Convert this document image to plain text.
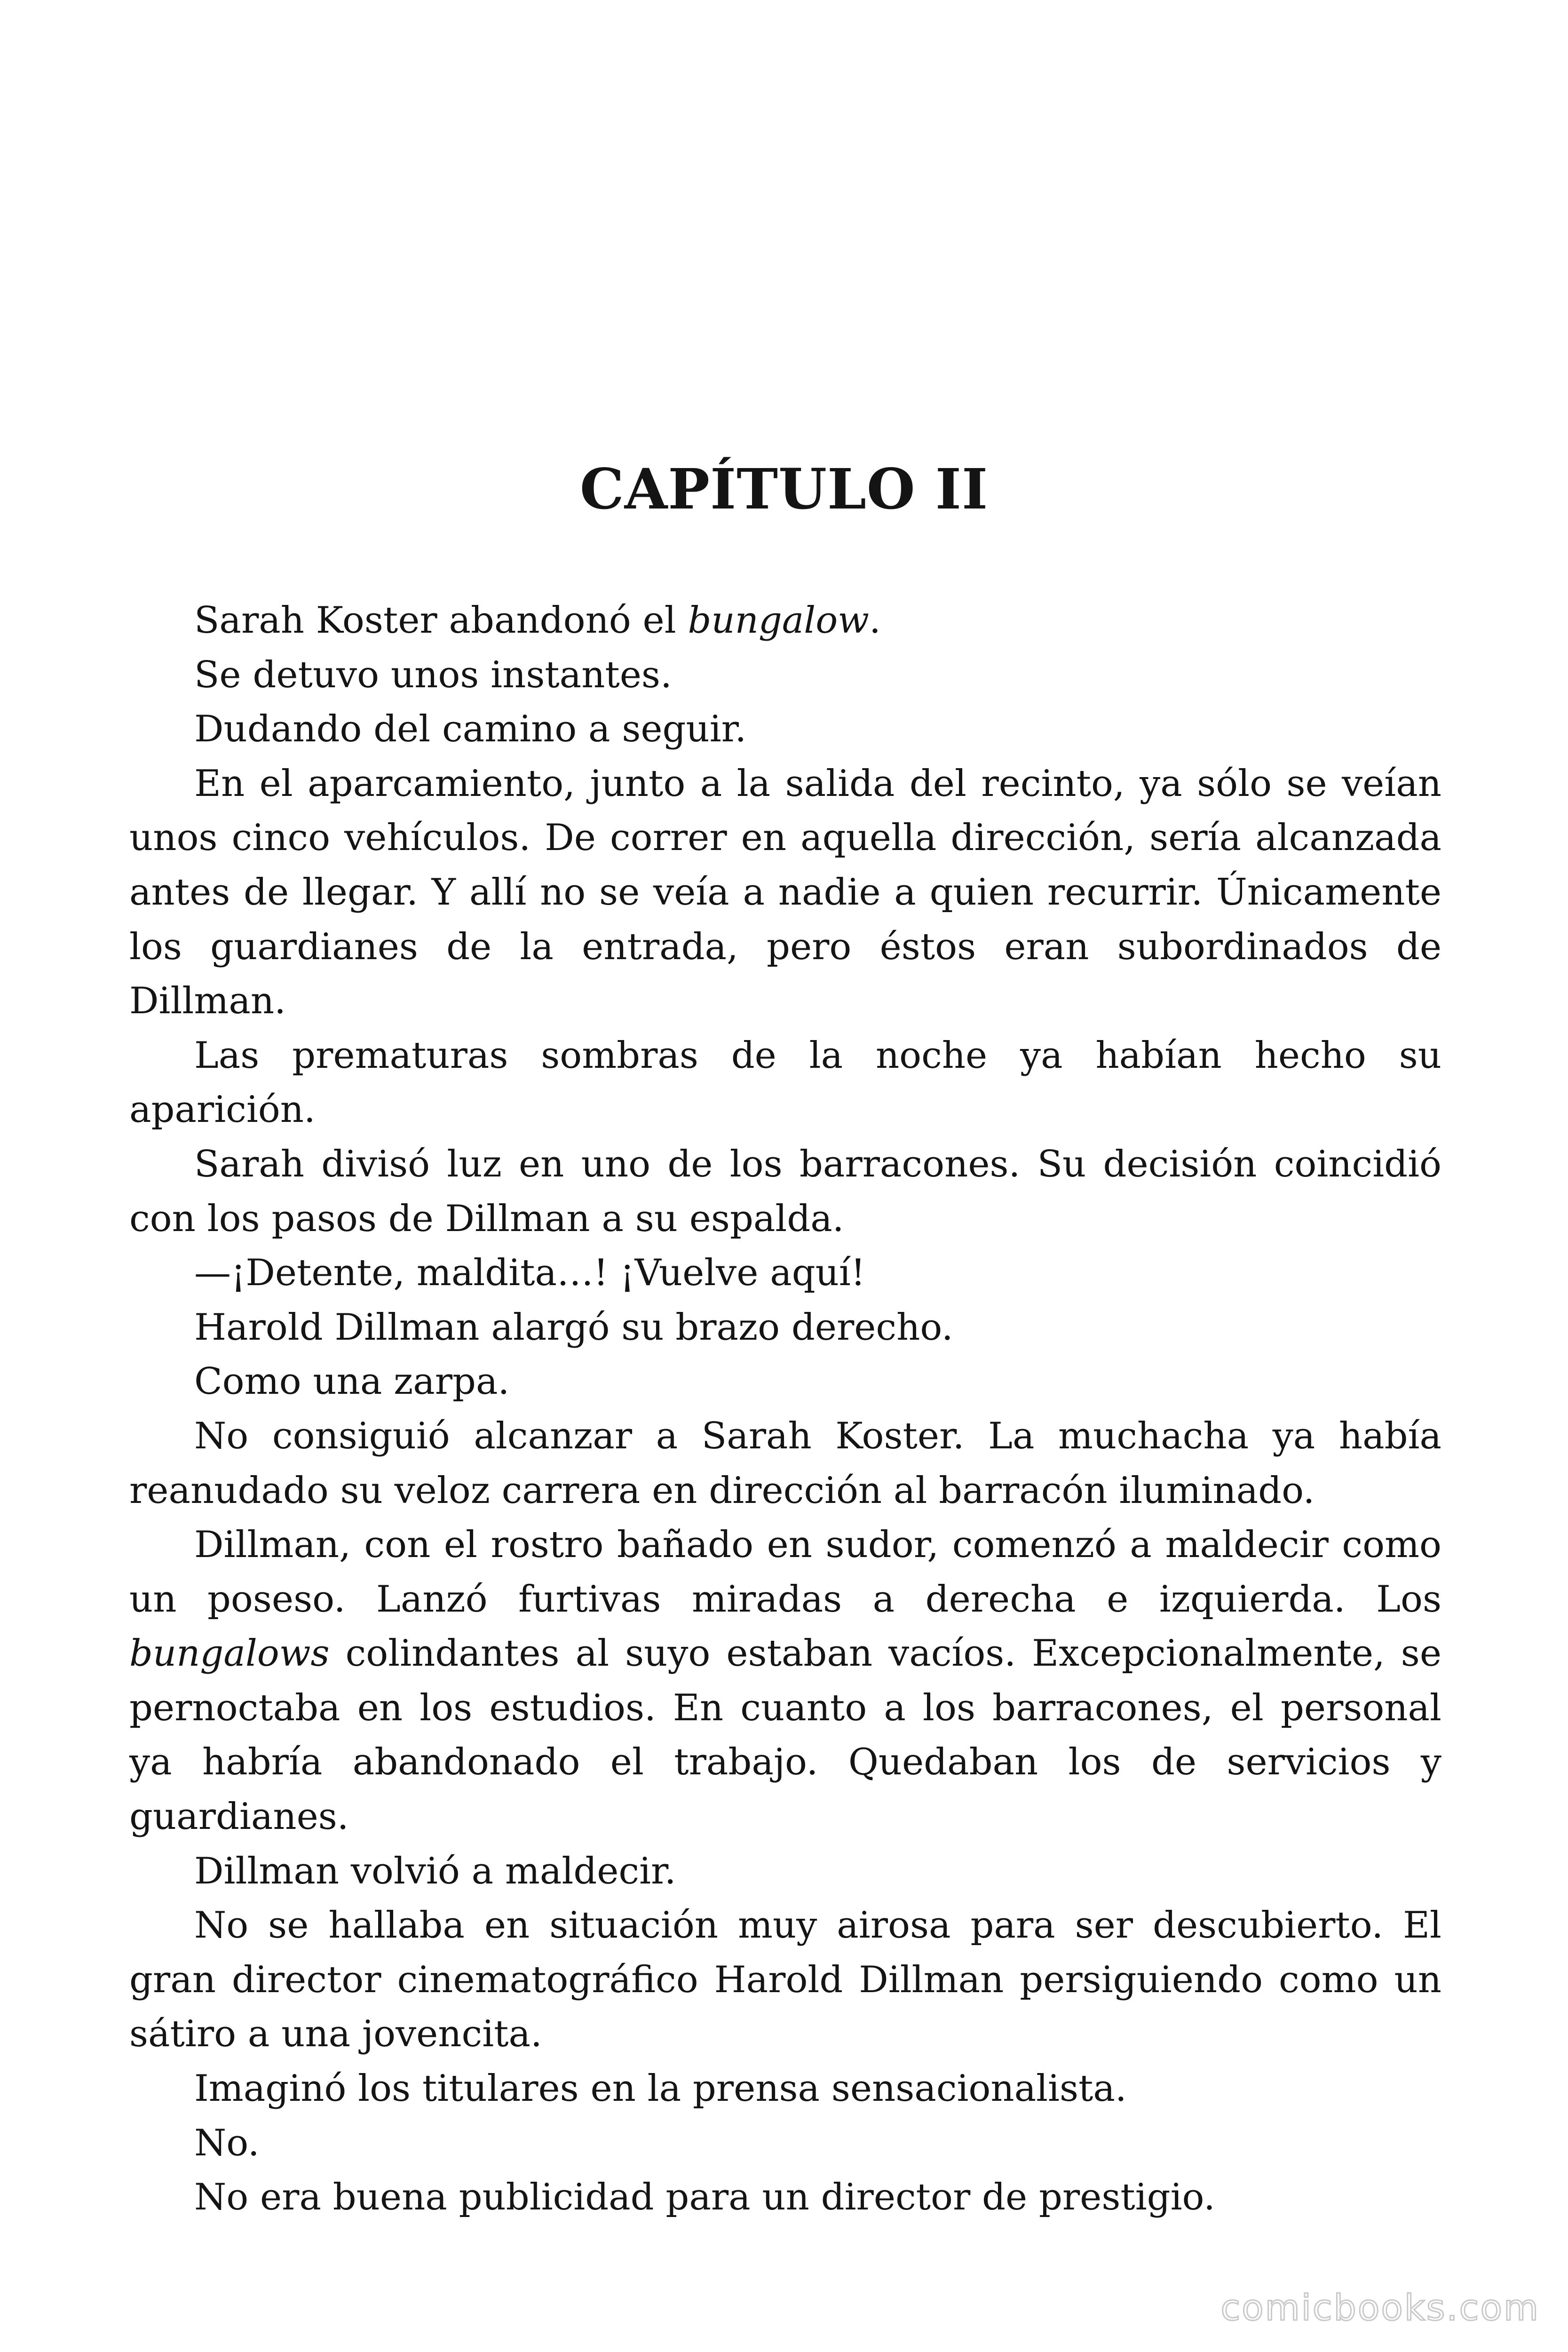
CAPÍTULO II

Sarah Koster abandonó el bungalow.

Se detuvo unos instantes.

Dudando del camino a seguir.

En el aparcamiento, junto a la salida del recinto, ya sólo se veían unos cinco vehículos. De correr en aquella dirección, sería alcanzada antes de llegar. Y allí no se veía a nadie a quien recurrir. Únicamente los guardianes de la entrada, pero éstos eran subordinados de Dillman.

Las prematuras sombras de la noche ya habían hecho su aparición.

Sarah divisó luz en uno de los barracones. Su decisión coincidió con los pasos de Dillman a su espalda.

—¡Detente, maldita…! ¡Vuelve aquí!

Harold Dillman alargó su brazo derecho.

Como una zarpa.

No consiguió alcanzar a Sarah Koster. La muchacha ya había reanudado su veloz carrera en dirección al barracón iluminado.

Dillman, con el rostro bañado en sudor, comenzó a maldecir como un poseso. Lanzó furtivas miradas a derecha e izquierda. Los bungalows colindantes al suyo estaban vacíos. Excepcionalmente, se pernoctaba en los estudios. En cuanto a los barracones, el personal ya habría abandonado el trabajo. Quedaban los de servicios y guardianes.

Dillman volvió a maldecir.

No se hallaba en situación muy airosa para ser descubierto. El gran director cinematográfico Harold Dillman persiguiendo como un sátiro a una jovencita.

Imaginó los titulares en la prensa sensacionalista.

No.

No era buena publicidad para un director de prestigio.

comicbooks.com
